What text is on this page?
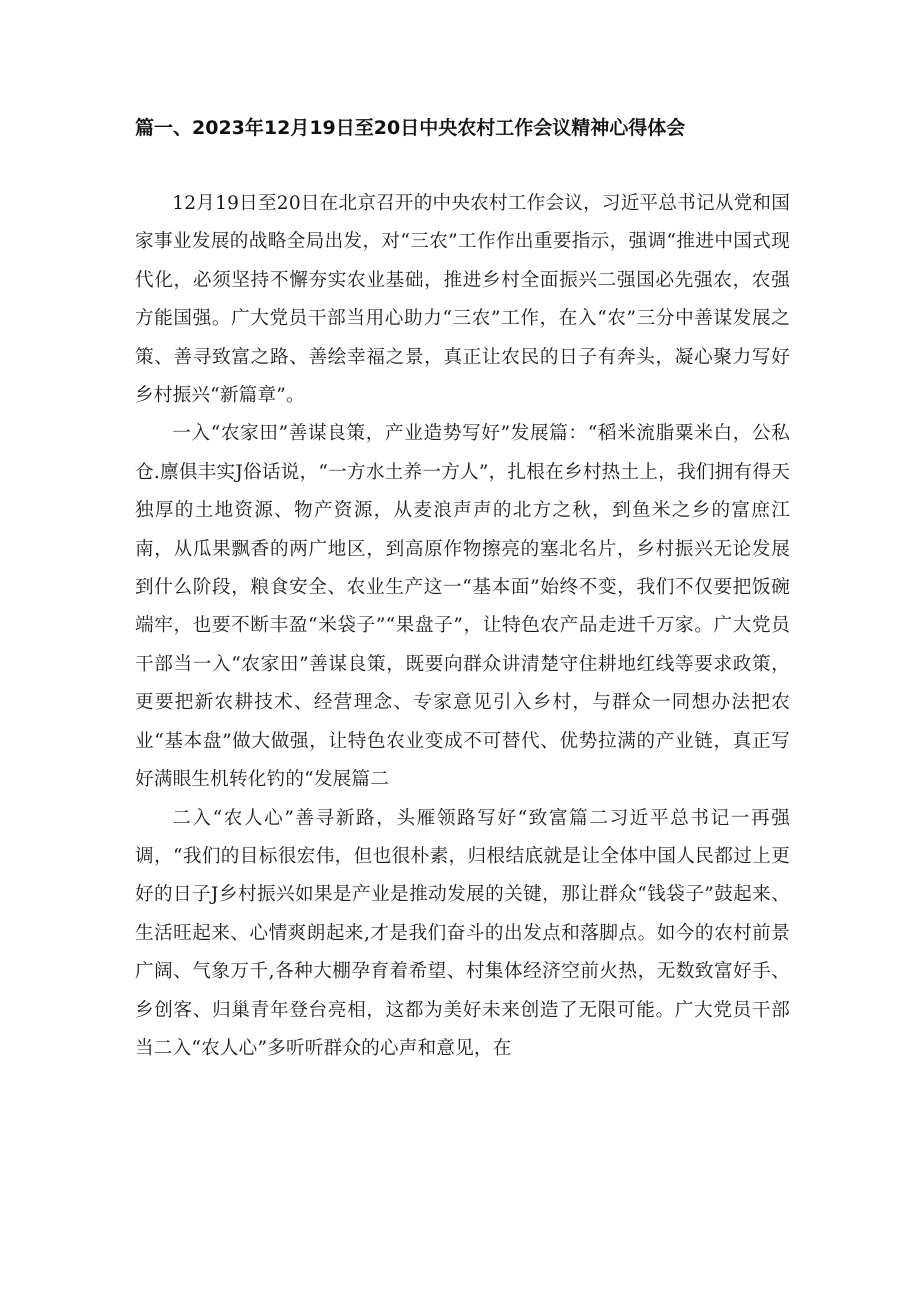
篇一、2023年12月19日至20日中央农村工作会议精神心得体会

12月19日至20日在北京召开的中央农村工作会议，习近平总书记从党和国家事业发展的战略全局出发，对“三农”工作作出重要指示，强调“推进中国式现代化，必须坚持不懈夯实农业基础，推进乡村全面振兴二强国必先强农，农强方能国强。广大党员干部当用心助力“三农”工作，在入“农”三分中善谋发展之策、善寻致富之路、善绘幸福之景，真正让农民的日子有奔头，凝心聚力写好乡村振兴“新篇章”。

一入“农家田”善谋良策，产业造势写好”发展篇：“稻米流脂粟米白，公私仓.廪俱丰实J俗话说，“一方水土养一方人”，扎根在乡村热土上，我们拥有得天独厚的土地资源、物产资源，从麦浪声声的北方之秋，到鱼米之乡的富庶江南，从瓜果飘香的两广地区，到高原作物擦亮的塞北名片，乡村振兴无论发展到什么阶段，粮食安全、农业生产这一“基本面”始终不变，我们不仅要把饭碗端牢，也要不断丰盈“米袋子”“果盘子”，让特色农产品走进千万家。广大党员干部当一入“农家田”善谋良策，既要向群众讲清楚守住耕地红线等要求政策，更要把新农耕技术、经营理念、专家意见引入乡村，与群众一同想办法把农业“基本盘”做大做强，让特色农业变成不可替代、优势拉满的产业链，真正写好满眼生机转化钓的“发展篇二

二入“农人心”善寻新路，头雁领路写好“致富篇二习近平总书记一再强调，“我们的目标很宏伟，但也很朴素，归根结底就是让全体中国人民都过上更好的日子J乡村振兴如果是产业是推动发展的关键，那让群众“钱袋子”鼓起来、生活旺起来、心情爽朗起来,才是我们奋斗的出发点和落脚点。如今的农村前景广阔、气象万千,各种大棚孕育着希望、村集体经济空前火热，无数致富好手、乡创客、归巢青年登台亮相，这都为美好未来创造了无限可能。广大党员干部当二入“农人心”多听听群众的心声和意见，在
